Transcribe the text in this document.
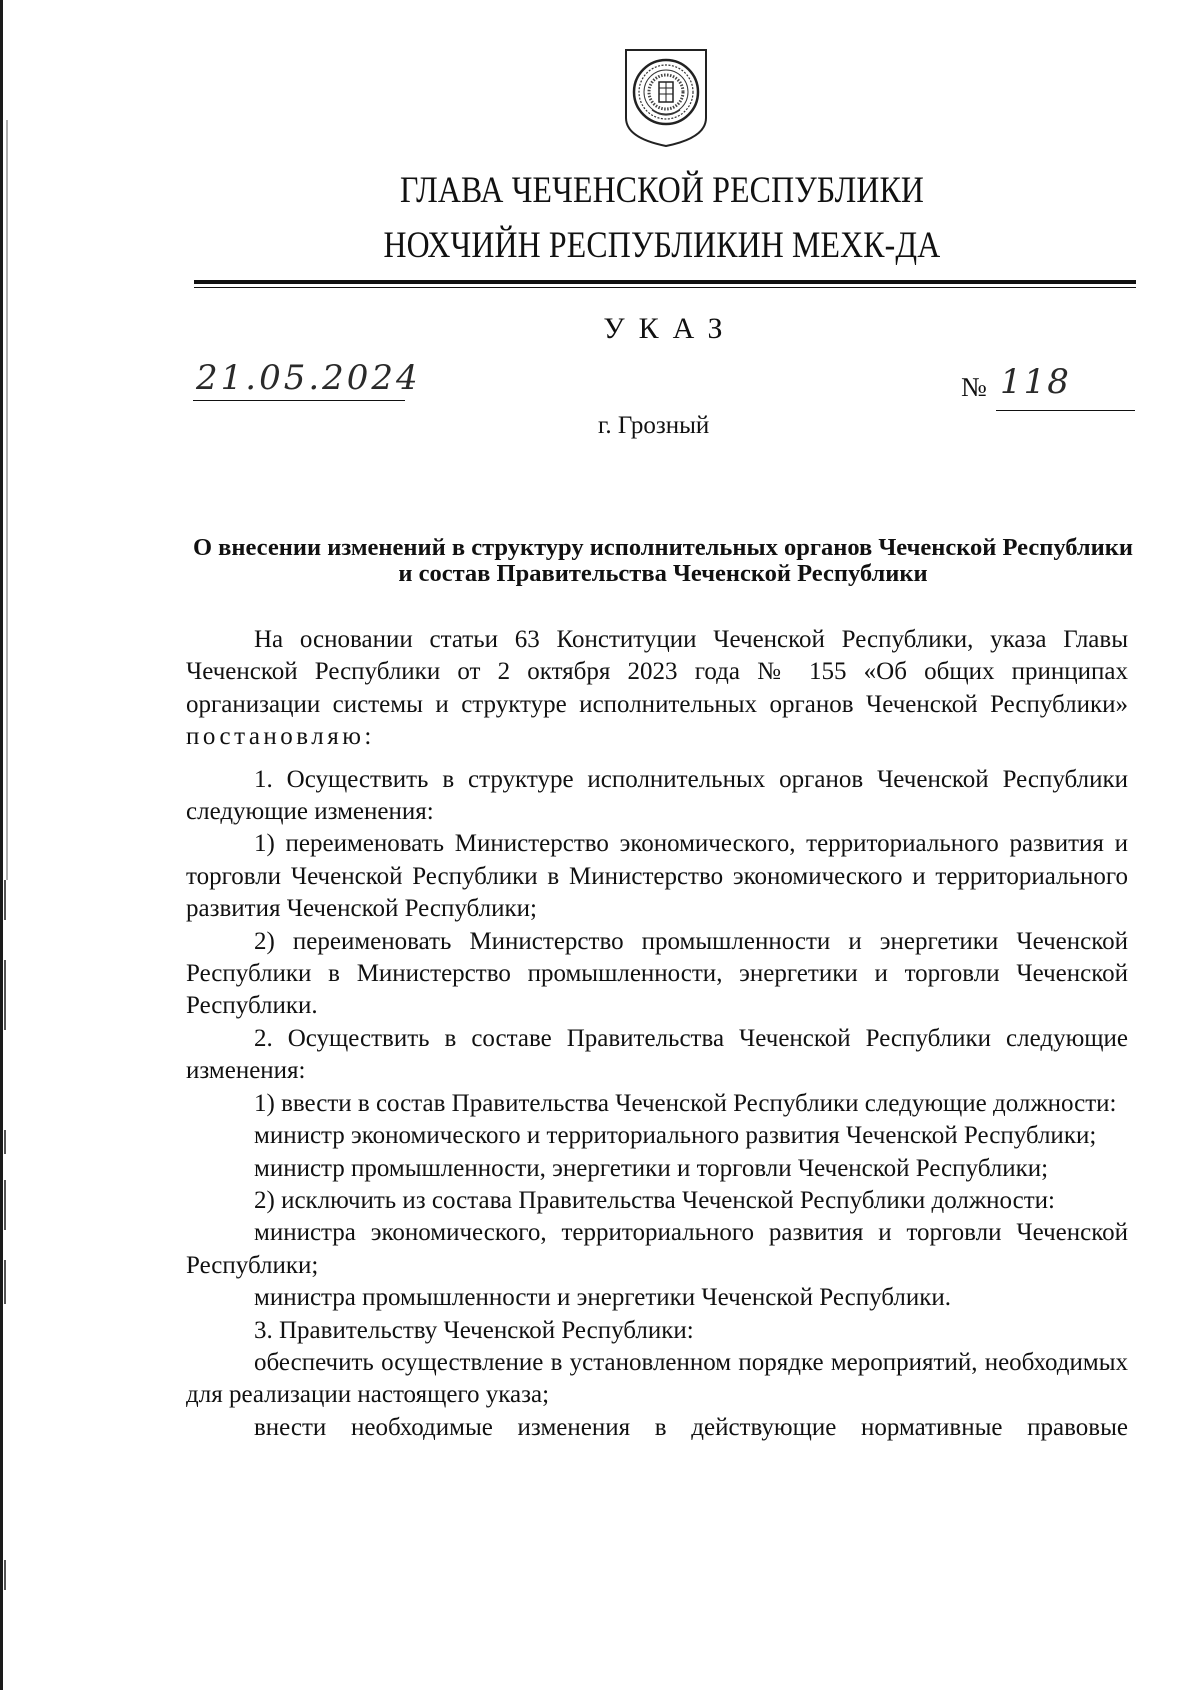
ГЛАВА ЧЕЧЕНСКОЙ РЕСПУБЛИКИ
НОХЧИЙН РЕСПУБЛИКИН МЕХК-ДА
УКАЗ
21.05.2024	№ 118
г. Грозный
О внесении изменений в структуру исполнительных органов Чеченской Республики и состав Правительства Чеченской Республики

На основании статьи 63 Конституции Чеченской Республики, указа Главы Чеченской Республики от 2 октября 2023 года № 155 «Об общих принципах организации системы и структуре исполнительных органов Чеченской Республики» постановляю:

1. Осуществить в структуре исполнительных органов Чеченской Республики следующие изменения:

1) переименовать Министерство экономического, территориального развития и торговли Чеченской Республики в Министерство экономического и территориального развития Чеченской Республики;

2) переименовать Министерство промышленности и энергетики Чеченской Республики в Министерство промышленности, энергетики и торговли Чеченской Республики.

2. Осуществить в составе Правительства Чеченской Республики следующие изменения:

1) ввести в состав Правительства Чеченской Республики следующие должности:

министр экономического и территориального развития Чеченской Республики;

министр промышленности, энергетики и торговли Чеченской Республики;

2) исключить из состава Правительства Чеченской Республики должности:

министра экономического, территориального развития и торговли Чеченской Республики;

министра промышленности и энергетики Чеченской Республики.

3. Правительству Чеченской Республики:

обеспечить осуществление в установленном порядке мероприятий, необходимых для реализации настоящего указа;

внести необходимые изменения в действующие нормативные правовые
